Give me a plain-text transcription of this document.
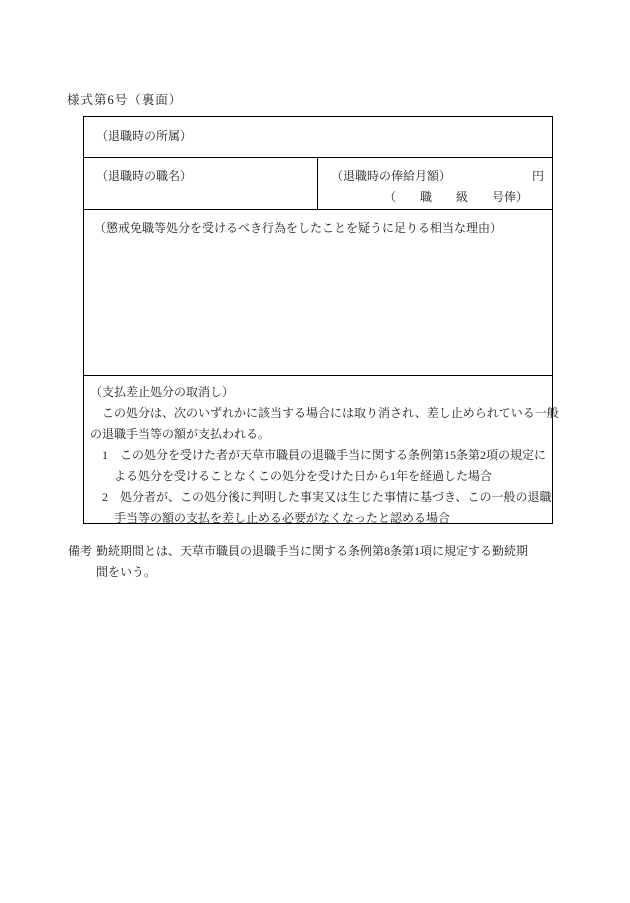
様式第6号（裏面）
（退職時の所属）
（退職時の職名）	（退職時の俸給月額）	円
（　　職　　級　　号俸）
（懲戒免職等処分を受けるべき行為をしたことを疑うに足りる相当な理由）
（支払差止処分の取消し）
　この処分は、次のいずれかに該当する場合には取り消され、差し止められている一般
の退職手当等の額が支払われる。
　1　この処分を受けた者が天草市職員の退職手当に関する条例第15条第2項の規定に
　　よる処分を受けることなくこの処分を受けた日から1年を経過した場合
　2　処分者が、この処分後に判明した事実又は生じた事情に基づき、この一般の退職
　　手当等の額の支払を差し止める必要がなくなったと認める場合
備考 勤続期間とは、天草市職員の退職手当に関する条例第8条第1項に規定する勤続期
間をいう。
